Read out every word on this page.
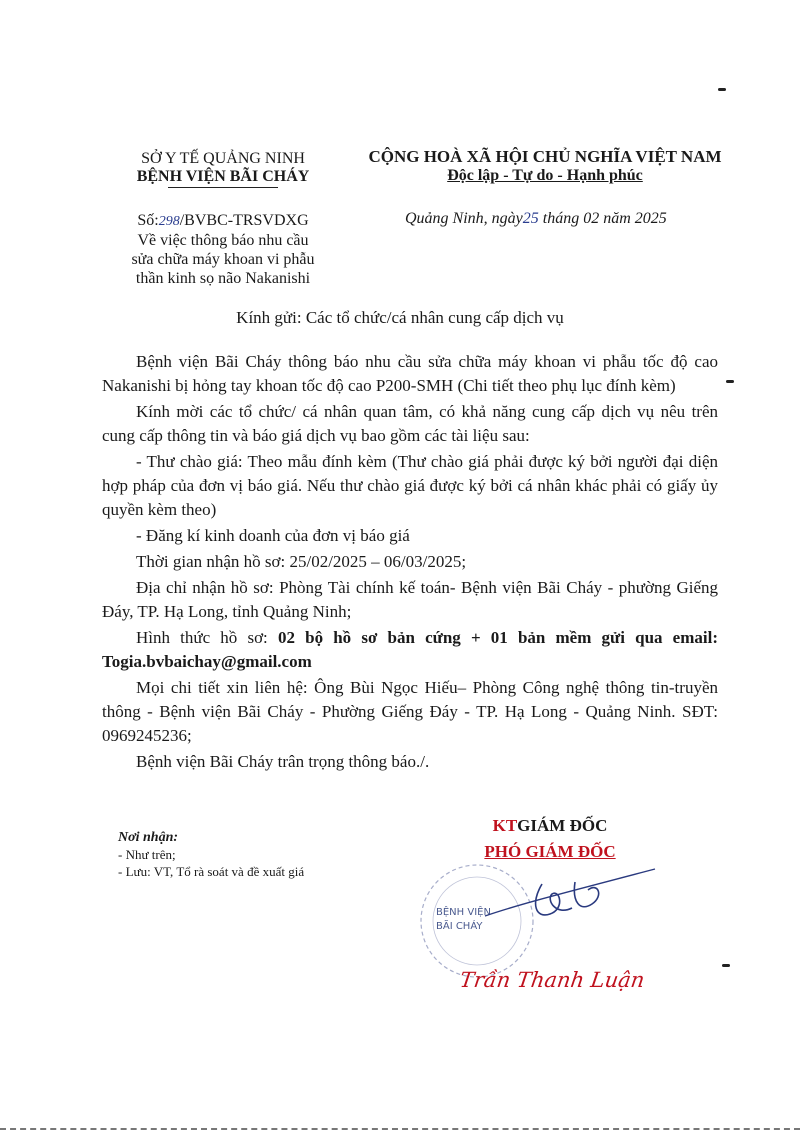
SỞ Y TẾ QUẢNG NINH
BỆNH VIỆN BÃI CHÁY
CỘNG HOÀ XÃ HỘI CHỦ NGHĨA VIỆT NAM
Độc lập - Tự do - Hạnh phúc
Số:298/BVBC-TRSVDXG
Về việc thông báo nhu cầu
sửa chữa máy khoan vi phẫu
thần kinh sọ não Nakanishi
Quảng Ninh, ngày25 tháng 02 năm 2025
Kính gửi: Các tổ chức/cá nhân cung cấp dịch vụ
Bệnh viện Bãi Cháy thông báo nhu cầu sửa chữa máy khoan vi phẫu tốc độ cao Nakanishi bị hỏng tay khoan tốc độ cao P200-SMH (Chi tiết theo phụ lục đính kèm)
Kính mời các tổ chức/ cá nhân quan tâm, có khả năng cung cấp dịch vụ nêu trên cung cấp thông tin và báo giá dịch vụ bao gồm các tài liệu sau:
- Thư chào giá: Theo mẫu đính kèm (Thư chào giá phải được ký bởi người đại diện hợp pháp của đơn vị báo giá. Nếu thư chào giá được ký bởi cá nhân khác phải có giấy ủy quyền kèm theo)
- Đăng kí kinh doanh của đơn vị báo giá
Thời gian nhận hồ sơ: 25/02/2025 – 06/03/2025;
Địa chỉ nhận hồ sơ: Phòng Tài chính kế toán- Bệnh viện Bãi Cháy - phường Giếng Đáy, TP. Hạ Long, tỉnh Quảng Ninh;
Hình thức hồ sơ: 02 bộ hồ sơ bản cứng + 01 bản mềm gửi qua email: Togia.bvbaichay@gmail.com
Mọi chi tiết xin liên hệ: Ông Bùi Ngọc Hiếu– Phòng Công nghệ thông tin-truyền thông - Bệnh viện Bãi Cháy - Phường Giếng Đáy - TP. Hạ Long - Quảng Ninh. SĐT: 0969245236;
Bệnh viện Bãi Cháy trân trọng thông báo./.
Nơi nhận:
- Như trên;
- Lưu: VT, Tổ rà soát và đề xuất giá
KTGIÁM ĐỐC
PHÓ GIÁM ĐỐC
BỆNH VIỆN
BÃI CHÁY
Trần Thanh Luận
